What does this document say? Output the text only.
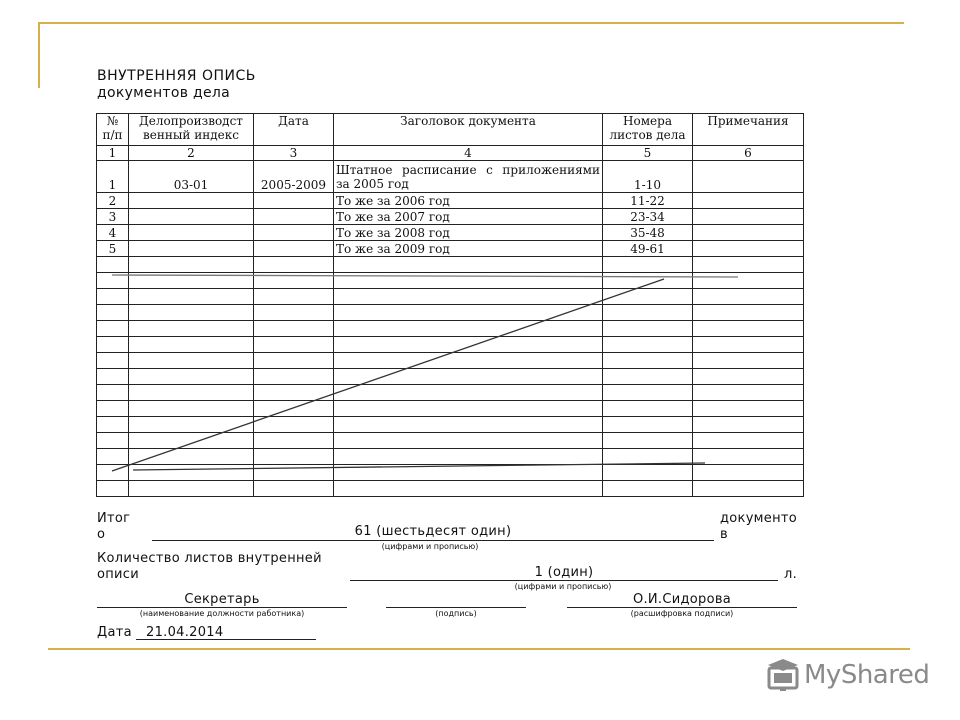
ВНУТРЕННЯЯ ОПИСЬ
документов дела
№ п/п	Делопроизводст венный индекс	Дата	Заголовок документа	Номера листов дела	Примечания
1	2	3	4	5	6
1	03-01	2005-2009	Штатное расписание с приложениями за 2005 год	1-10	
2			То же за 2006 год	11-22	
3			То же за 2007 год	23-34	
4			То же за 2008 год	35-48	
5			То же за 2009 год	49-61	

Итог
о	61 (шестьдесят один)
(цифрами и прописью)
документо
в
Количество листов внутренней
описи	1 (один)
(цифрами и прописью)
л.
Секретарь
(наименование должности работника)	(подпись)
О.И.Сидорова
(расшифровка подписи)
Дата 21.04.2014
MyShared
